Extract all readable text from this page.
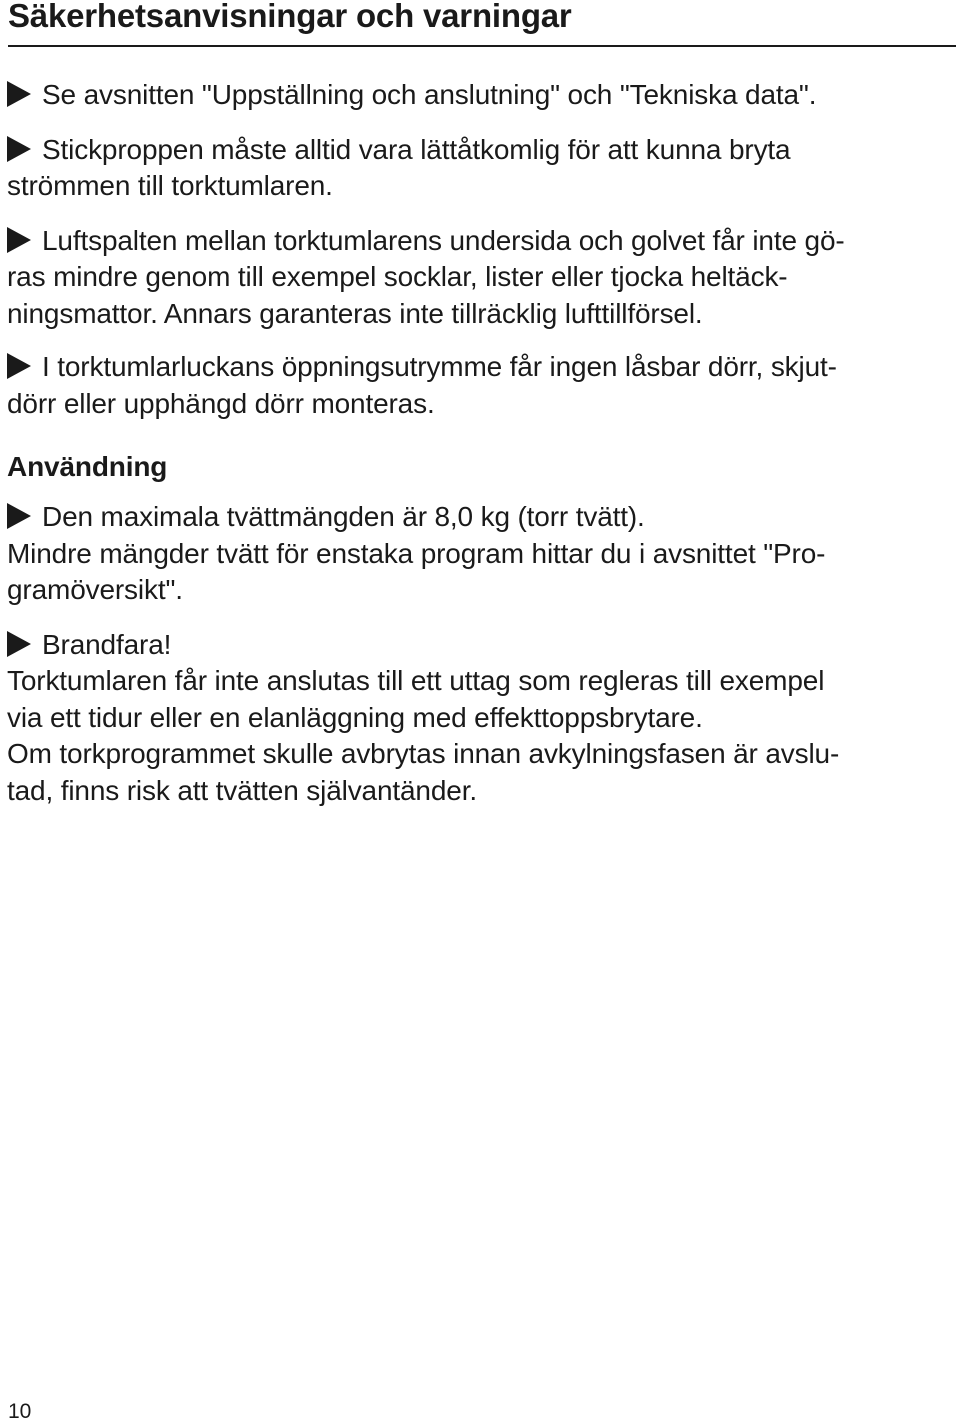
Säkerhetsanvisningar och varningar
Se avsnitten "Uppställning och anslutning" och "Tekniska data".
Stickproppen måste alltid vara lättåtkomlig för att kunna bryta
strömmen till torktumlaren.
Luftspalten mellan torktumlarens undersida och golvet får inte gö-
ras mindre genom till exempel socklar, lister eller tjocka heltäck-
ningsmattor. Annars garanteras inte tillräcklig lufttillförsel.
I torktumlarluckans öppningsutrymme får ingen låsbar dörr, skjut-
dörr eller upphängd dörr monteras.
Användning
Den maximala tvättmängden är 8,0 kg (torr tvätt).
Mindre mängder tvätt för enstaka program hittar du i avsnittet "Pro-
gramöversikt".
Brandfara!
Torktumlaren får inte anslutas till ett uttag som regleras till exempel
via ett tidur eller en elanläggning med effekttoppsbrytare.
Om torkprogrammet skulle avbrytas innan avkylningsfasen är avslu-
tad, finns risk att tvätten självantänder.
10
